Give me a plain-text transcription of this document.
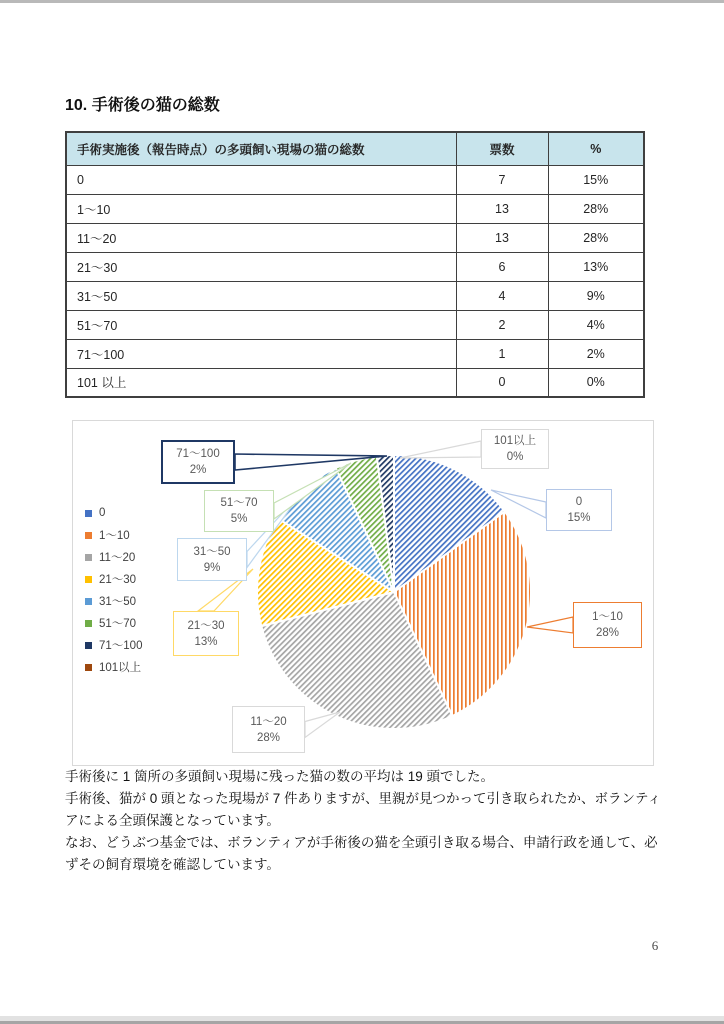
10. 手術後の猫の総数
手術実施後（報告時点）の多頭飼い現場の猫の総数	票数	%
0	7	15%
1〜10	13	28%
11〜20	13	28%
21〜30	6	13%
31〜50	4	9%
51〜70	2	4%
71〜100	1	2%
101 以上	0	0%
0
1〜10
11〜20
21〜30
31〜50
51〜70
71〜100
101以上
0
15%
1〜10
28%
11〜20
28%
21〜30
13%
31〜50
9%
51〜70
5%
71〜100
2%
101以上
0%

手術後に 1 箇所の多頭飼い現場に残った猫の数の平均は 19 頭でした。

手術後、猫が 0 頭となった現場が 7 件ありますが、里親が見つかって引き取られたか、ボランティアによる全頭保護となっています。

なお、どうぶつ基金では、ボランティアが手術後の猫を全頭引き取る場合、申請行政を通して、必ずその飼育環境を確認しています。

6
